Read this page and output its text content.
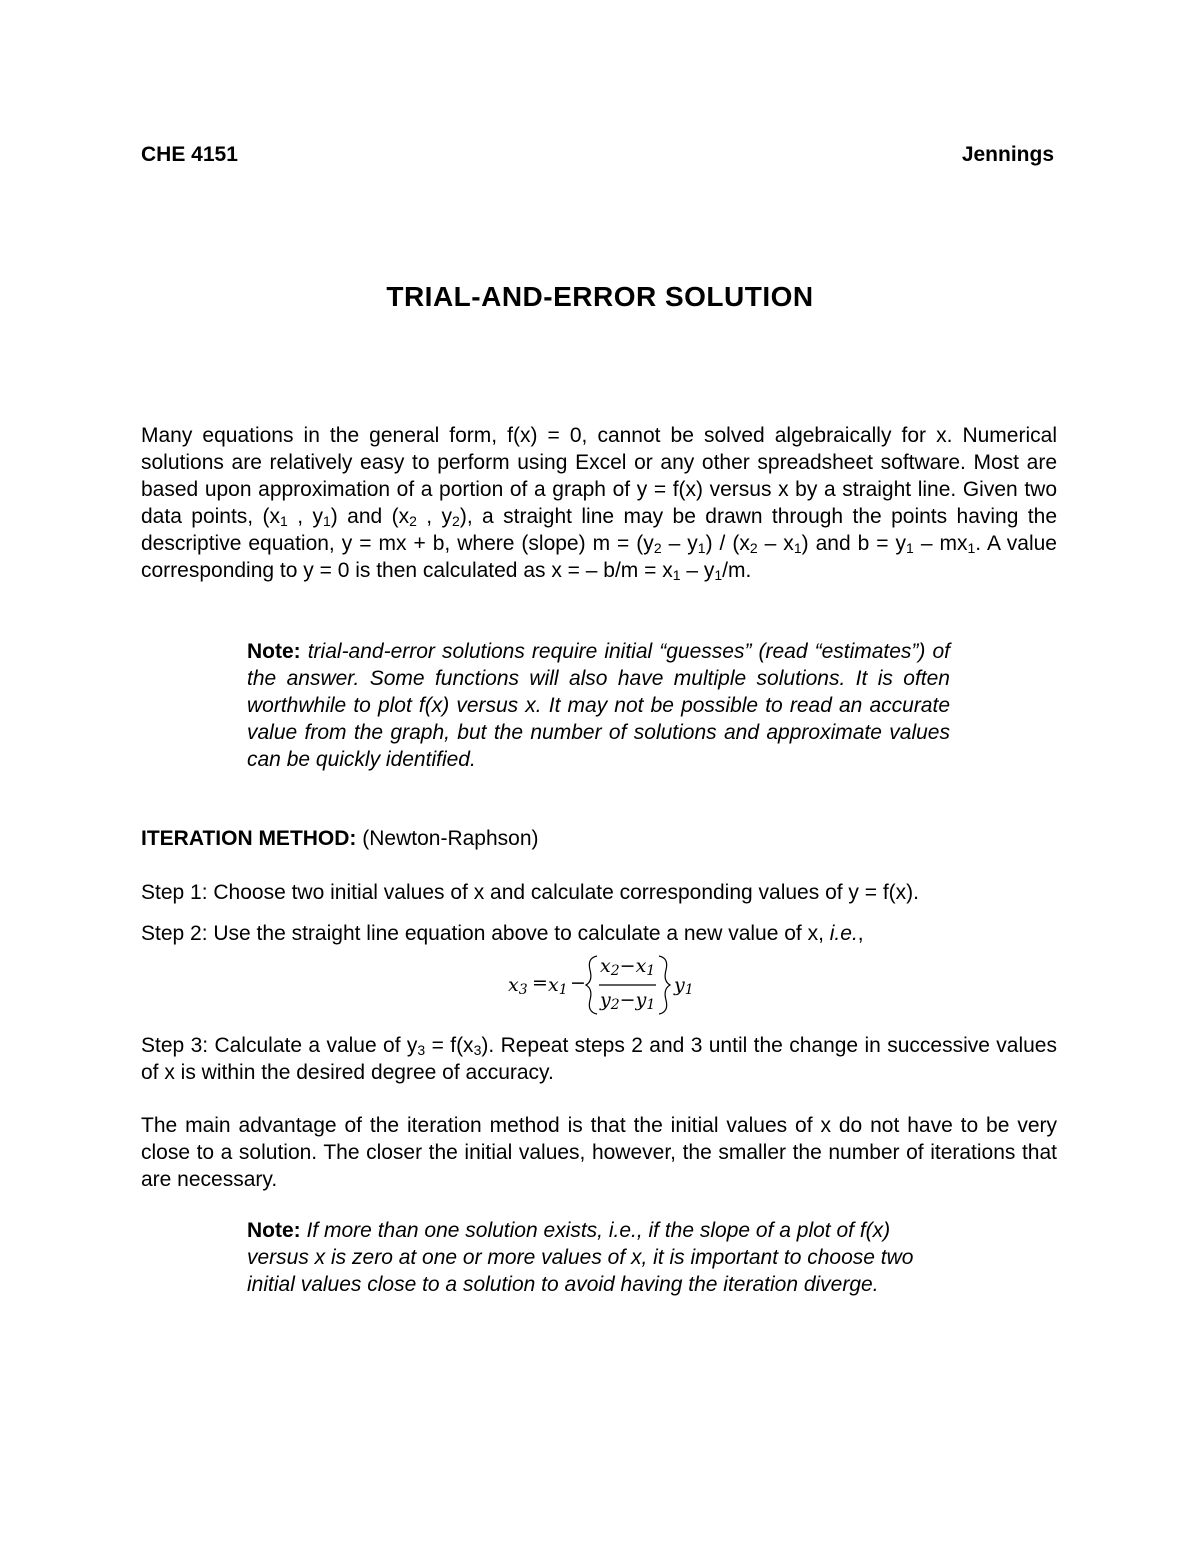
CHE 4151	Jennings
TRIAL-AND-ERROR SOLUTION

Many equations in the general form, f(x) = 0, cannot be solved algebraically for x. Numerical solutions are relatively easy to perform using Excel or any other spreadsheet software. Most are based upon approximation of a portion of a graph of y = f(x) versus x by a straight line. Given two data points, ($x_1$ , $y_1$) and ($x_2$ , $y_2$), a straight line may be drawn through the points having the descriptive equation, y = mx + b, where (slope) $m = (y_2 - y_1) / (x_2 - x_1)$ and $b = y_1 - mx_1$. A value corresponding to y = 0 is then calculated as x = – $b/m = x_1 - y_1/m$.

Note: trial-and-error solutions require initial “guesses” (read “estimates”) of the answer. Some functions will also have multiple solutions. It is often worthwhile to plot f(x) versus x. It may not be possible to read an accurate value from the graph, but the number of solutions and approximate values can be quickly identified.

ITERATION METHOD: (Newton-Raphson)

Step 1: Choose two initial values of x and calculate corresponding values of y = f(x).

Step 2: Use the straight line equation above to calculate a new value of x, i.e.,

$x_3 = x_1$ −
$x_2-x_1$
$y_2-y_1$
$y_1$

Step 3: Calculate a value of $y_3 = f(x_3)$. Repeat steps 2 and 3 until the change in successive values of x is within the desired degree of accuracy.

The main advantage of the iteration method is that the initial values of x do not have to be very close to a solution. The closer the initial values, however, the smaller the number of iterations that are necessary.

Note: If more than one solution exists, i.e., if the slope of a plot of f(x) versus x is zero at one or more values of x, it is important to choose two initial values close to a solution to avoid having the iteration diverge.
